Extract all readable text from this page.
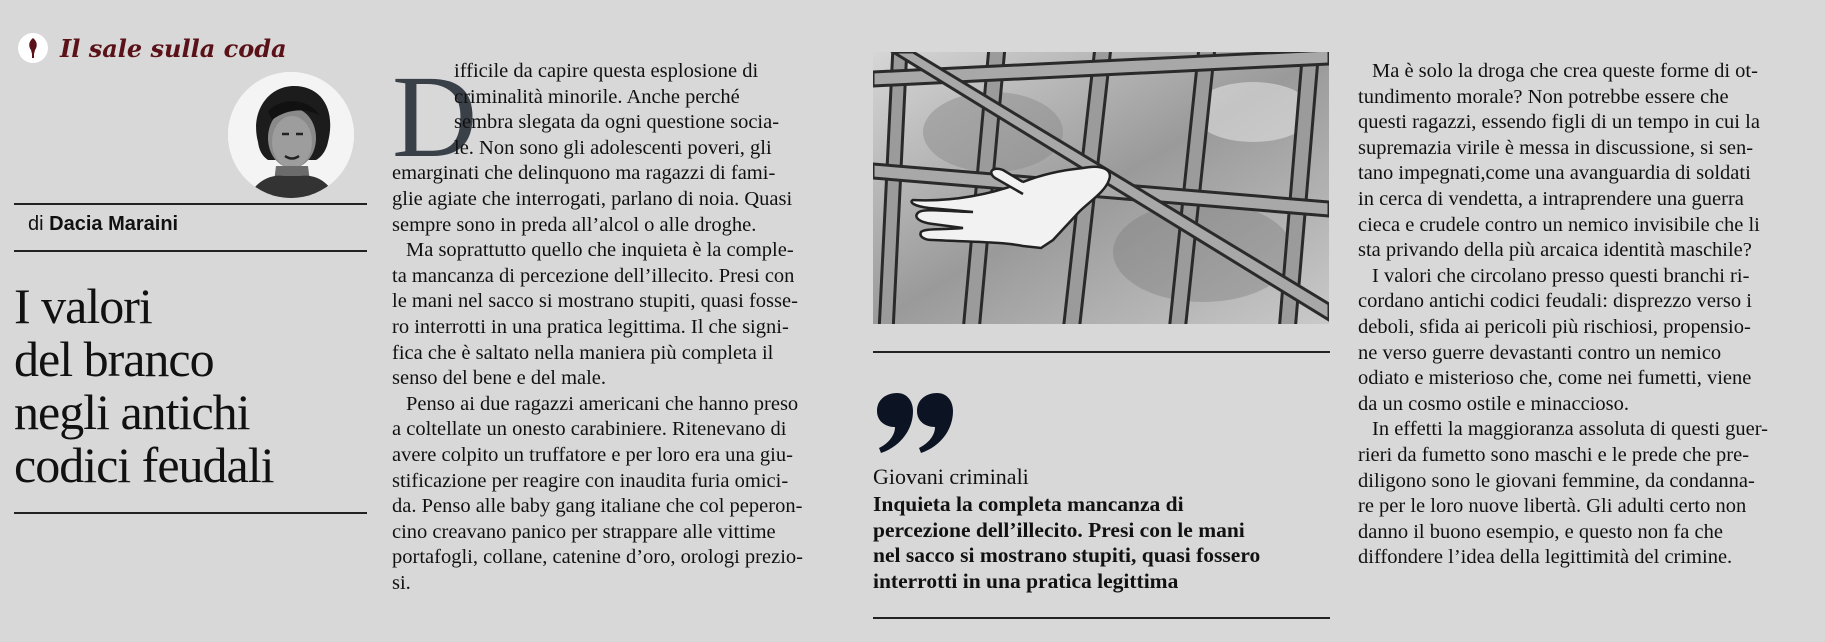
Il sale sulla coda
di Dacia Maraini
I valori
del branco
negli antichi
codici feudali
D
ifficile da capire questa esplosione di
criminalità minorile. Anche perché
sembra slegata da ogni questione socia-
le. Non sono gli adolescenti poveri, gli
emarginati che delinquono ma ragazzi di fami-
glie agiate che interrogati, parlano di noia. Quasi
sempre sono in preda all’alcol o alle droghe.
Ma soprattutto quello che inquieta è la comple-
ta mancanza di percezione dell’illecito. Presi con
le mani nel sacco si mostrano stupiti, quasi fosse-
ro interrotti in una pratica legittima. Il che signi-
fica che è saltato nella maniera più completa il
senso del bene e del male.
Penso ai due ragazzi americani che hanno preso
a coltellate un onesto carabiniere. Ritenevano di
avere colpito un truffatore e per loro era una giu-
stificazione per reagire con inaudita furia omici-
da. Penso alle baby gang italiane che col peperon-
cino creavano panico per strappare alle vittime
portafogli, collane, catenine d’oro, orologi prezio-
si.
Giovani criminali
Inquieta la completa mancanza di
percezione dell’illecito. Presi con le mani
nel sacco si mostrano stupiti, quasi fossero
interrotti in una pratica legittima
Ma è solo la droga che crea queste forme di ot-
tundimento morale? Non potrebbe essere che
questi ragazzi, essendo figli di un tempo in cui la
supremazia virile è messa in discussione, si sen-
tano impegnati,come una avanguardia di soldati
in cerca di vendetta, a intraprendere una guerra
cieca e crudele contro un nemico invisibile che li
sta privando della più arcaica identità maschile?
I valori che circolano presso questi branchi ri-
cordano antichi codici feudali: disprezzo verso i
deboli, sfida ai pericoli più rischiosi, propensio-
ne verso guerre devastanti contro un nemico
odiato e misterioso che, come nei fumetti, viene
da un cosmo ostile e minaccioso.
In effetti la maggioranza assoluta di questi guer-
rieri da fumetto sono maschi e le prede che pre-
diligono sono le giovani femmine, da condanna-
re per le loro nuove libertà. Gli adulti certo non
danno il buono esempio, e questo non fa che
diffondere l’idea della legittimità del crimine.
